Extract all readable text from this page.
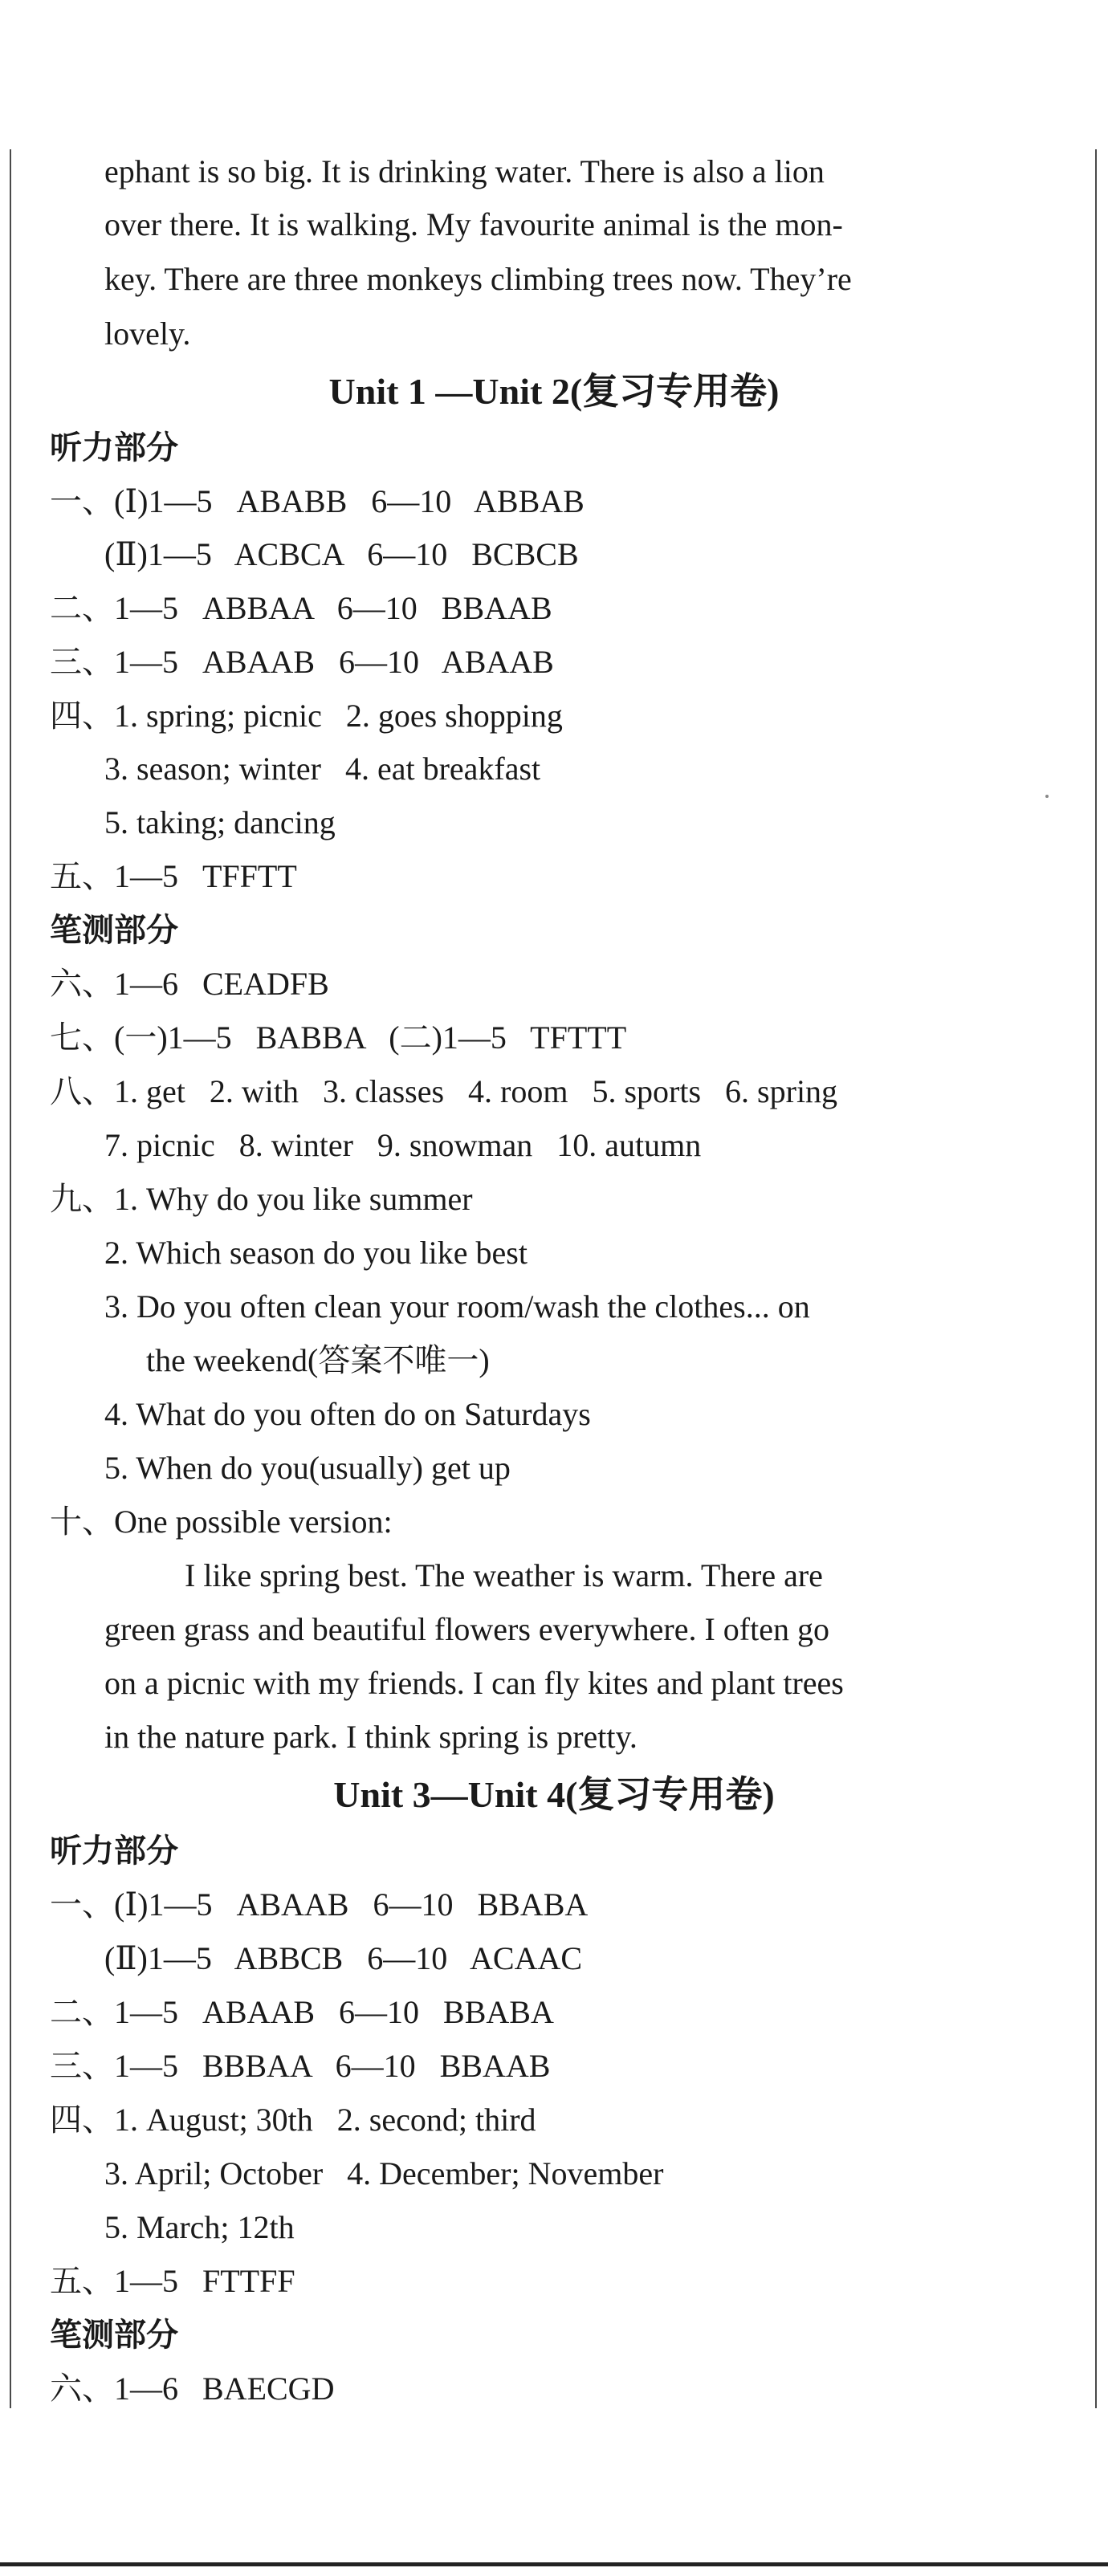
ephant is so big. It is drinking water. There is also a lion
over there. It is walking. My favourite animal is the mon-
key. There are three monkeys climbing trees now. They’re
lovely.
Unit 1 —Unit 2(复习专用卷)
听力部分
一、(Ⅰ)1—5   ABABB   6—10   ABBAB
(Ⅱ)1—5   ACBCA   6—10   BCBCB
二、1—5   ABBAA   6—10   BBAAB
三、1—5   ABAAB   6—10   ABAAB
四、1. spring; picnic   2. goes shopping
3. season; winter   4. eat breakfast
5. taking; dancing
五、1—5   TFFTT
笔测部分
六、1—6   CEADFB
七、(一)1—5   BABBA   (二)1—5   TFTTT
八、1. get   2. with   3. classes   4. room   5. sports   6. spring
7. picnic   8. winter   9. snowman   10. autumn
九、1. Why do you like summer
2. Which season do you like best
3. Do you often clean your room/wash the clothes... on
the weekend(答案不唯一)
4. What do you often do on Saturdays
5. When do you(usually) get up
十、One possible version:
I like spring best. The weather is warm. There are
green grass and beautiful flowers everywhere. I often go
on a picnic with my friends. I can fly kites and plant trees
in the nature park. I think spring is pretty.
Unit 3—Unit 4(复习专用卷)
听力部分
一、(Ⅰ)1—5   ABAAB   6—10   BBABA
(Ⅱ)1—5   ABBCB   6—10   ACAAC
二、1—5   ABAAB   6—10   BBABA
三、1—5   BBBAA   6—10   BBAAB
四、1. August; 30th   2. second; third
3. April; October   4. December; November
5. March; 12th
五、1—5   FTTFF
笔测部分
六、1—6   BAECGD
